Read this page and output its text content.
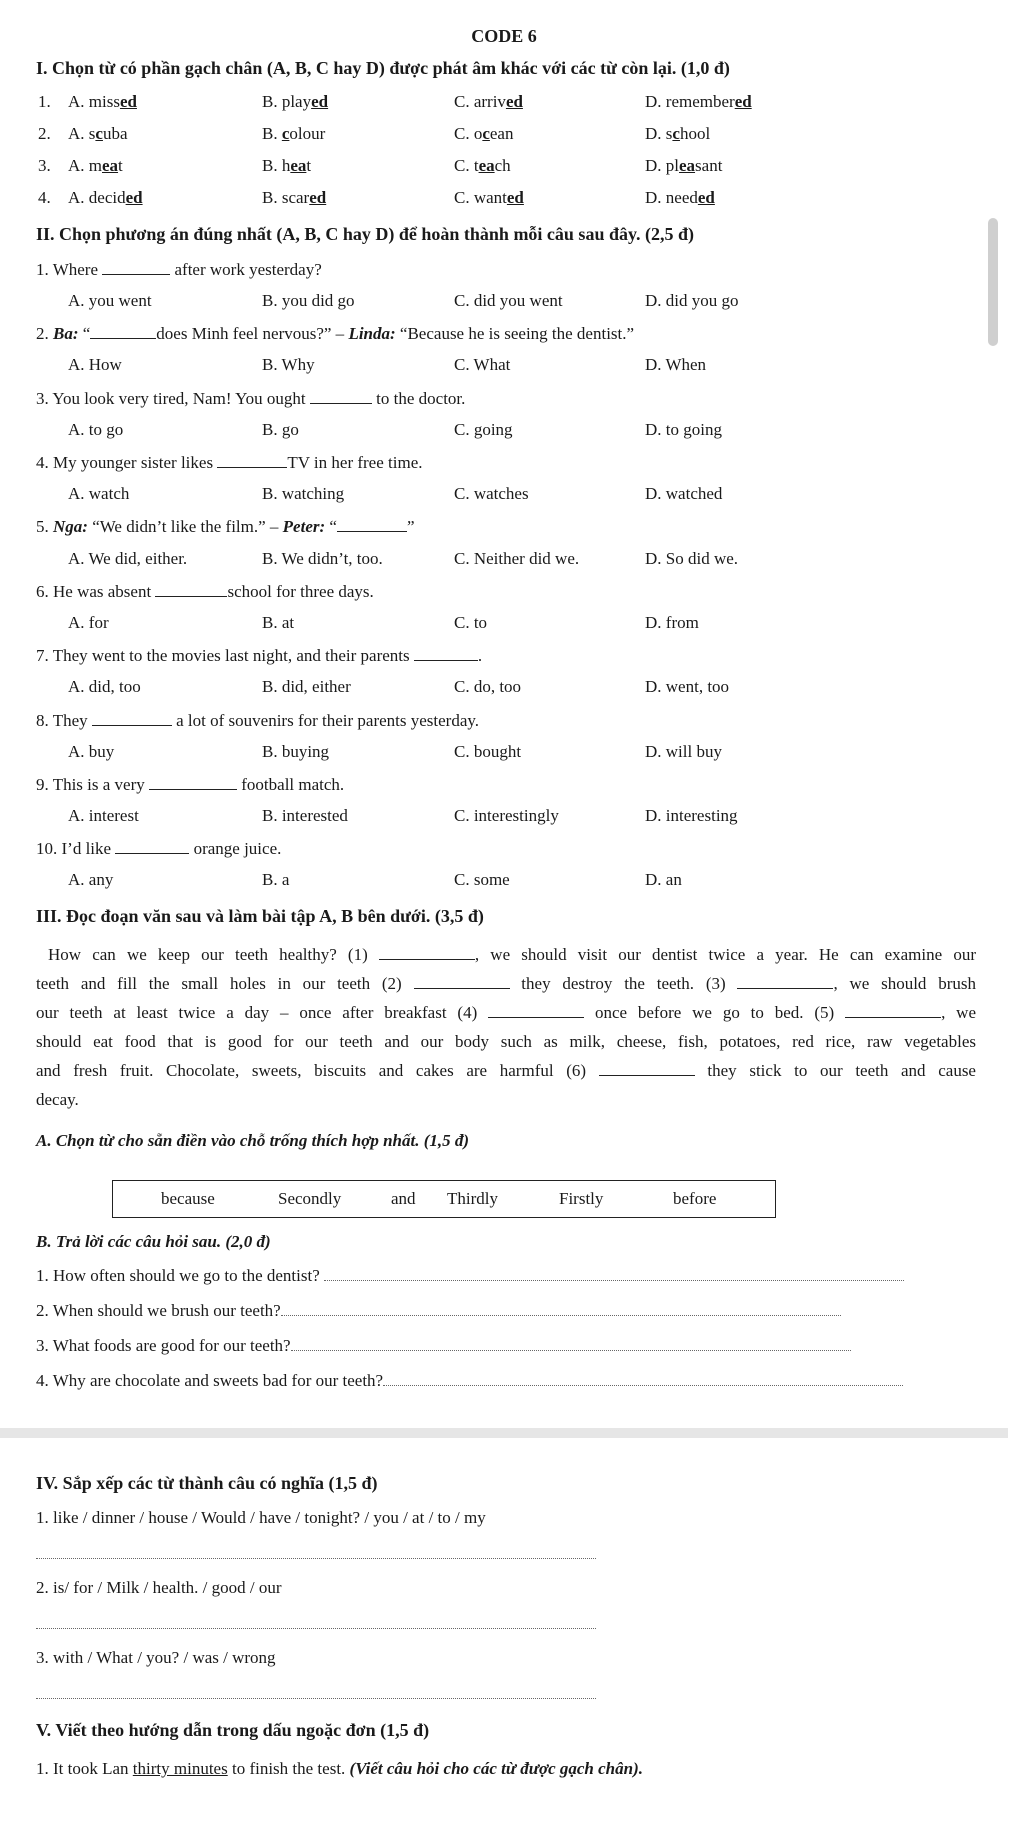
CODE 6
I. Chọn từ có phần gạch chân (A, B, C hay D) được phát âm khác với các từ còn lại. (1,0 đ)
1. A. missed	B. played	C. arrived	D. remembered
2. A. scuba	B. colour	C. ocean	D. school
3. A. meat	B. heat	C. teach	D. pleasant
4. A. decided	B. scared	C. wanted	D. needed
II. Chọn phương án đúng nhất (A, B, C hay D) để hoàn thành mỗi câu sau đây. (2,5 đ)
1. Where	after work yesterday?
A. you went	B. you did go	C. did you went	D. did you go
2. Ba: “	does Minh feel nervous?” – Linda: “Because he is seeing the dentist.”
A. How	B. Why	C. What	D. When
3. You look very tired, Nam! You ought	to the doctor.
A. to go	B. go	C. going	D. to going
4. My younger sister likes	TV in her free time.
A. watch	B. watching	C. watches	D. watched
5. Nga: “We didn’t like the film.” – Peter: “	”
A. We did, either.	B. We didn’t, too.	C. Neither did we.	D. So did we.
6. He was absent	school for three days.
A. for	B. at	C. to	D. from
7. They went to the movies last night, and their parents	.
A. did, too	B. did, either	C. do, too	D. went, too
8. They	a lot of souvenirs for their parents yesterday.
A. buy	B. buying	C. bought	D. will buy
9. This is a very	football match.
A. interest	B. interested	C. interestingly	D. interesting
10. I’d like	orange juice.
A. any	B. a	C. some	D. an
III. Đọc đoạn văn sau và làm bài tập A, B bên dưới. (3,5 đ)
How can we keep our teeth healthy? (1)	, we should visit our dentist twice a year. He can examine our
teeth and fill the small holes in our teeth (2)	they destroy the teeth. (3)	, we should brush
our teeth at least twice a day – once after breakfast (4)	once before we go to bed. (5)	, we
should eat food that is good for our teeth and our body such as milk, cheese, fish, potatoes, red rice, raw vegetables
and fresh fruit. Chocolate, sweets, biscuits and cakes are harmful (6)	they stick to our teeth and cause
decay.
A. Chọn từ cho sẵn điền vào chỗ trống thích hợp nhất. (1,5 đ)
because	Secondly	and Thirdly	Firstly	before
B. Trả lời các câu hỏi sau. (2,0 đ)
1. How often should we go to the dentist?
2. When should we brush our teeth?
3. What foods are good for our teeth?
4. Why are chocolate and sweets bad for our teeth?
IV. Sắp xếp các từ thành câu có nghĩa (1,5 đ)
1. like / dinner / house / Would / have / tonight? / you / at / to / my
2. is/ for / Milk / health. / good / our
3. with / What / you? / was / wrong
V. Viết theo hướng dẫn trong dấu ngoặc đơn (1,5 đ)
1. It took Lan thirty minutes to finish the test. (Viết câu hỏi cho các từ được gạch chân).
